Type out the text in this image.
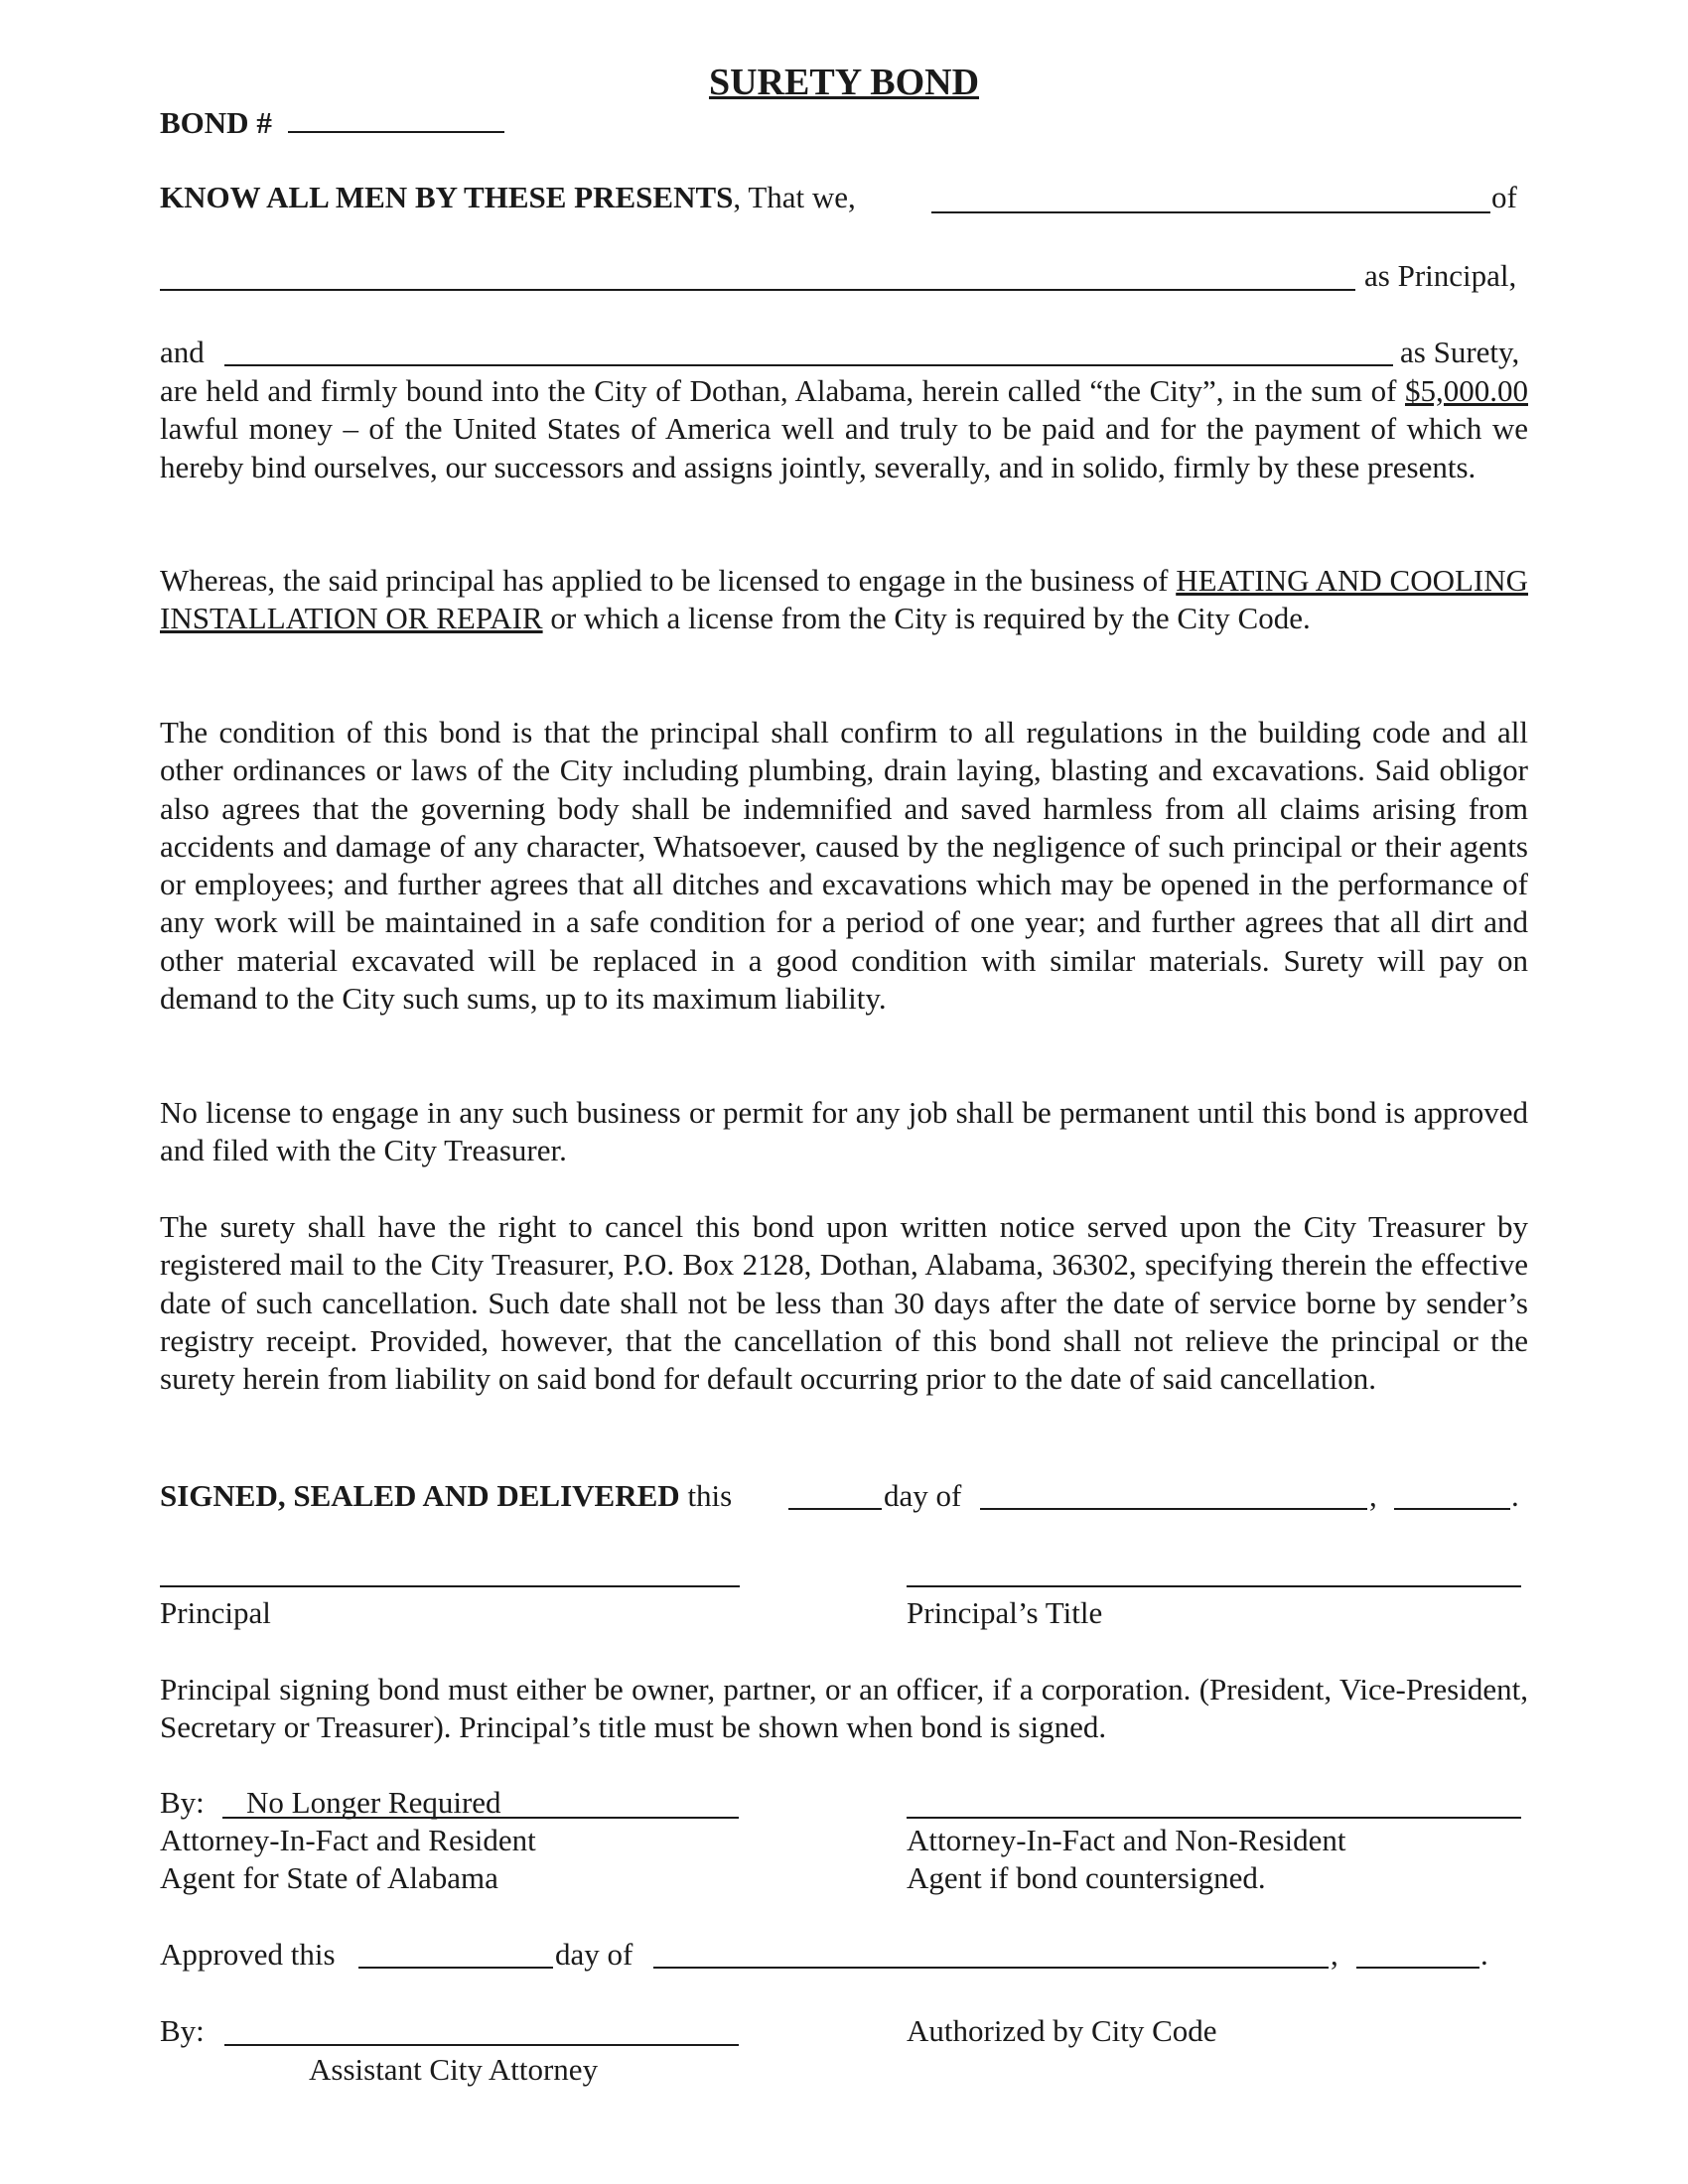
SURETY BOND
BOND #
KNOW ALL MEN BY THESE PRESENTS, That we,	of
as Principal,
and	as Surety,
are held and firmly bound into the City of Dothan, Alabama, herein called “the City”, in the sum of $5,000.00 lawful money – of the United States of America well and truly to be paid and for the payment of which we hereby bind ourselves, our successors and assigns jointly, severally, and in solido, firmly by these presents.
Whereas, the said principal has applied to be licensed to engage in the business of HEATING AND COOLING INSTALLATION OR REPAIR or which a license from the City is required by the City Code.
The condition of this bond is that the principal shall confirm to all regulations in the building code and all other ordinances or laws of the City including plumbing, drain laying, blasting and excavations. Said obligor also agrees that the governing body shall be indemnified and saved harmless from all claims arising from accidents and damage of any character, Whatsoever, caused by the negligence of such principal or their agents or employees; and further agrees that all ditches and excavations which may be opened in the performance of any work will be maintained in a safe condition for a period of one year; and further agrees that all dirt and other material excavated will be replaced in a good condition with similar materials. Surety will pay on demand to the City such sums, up to its maximum liability.
No license to engage in any such business or permit for any job shall be permanent until this bond is approved and filed with the City Treasurer.
The surety shall have the right to cancel this bond upon written notice served upon the City Treasurer by registered mail to the City Treasurer, P.O. Box 2128, Dothan, Alabama, 36302, specifying therein the effective date of such cancellation. Such date shall not be less than 30 days after the date of service borne by sender’s registry receipt. Provided, however, that the cancellation of this bond shall not relieve the principal or the surety herein from liability on said bond for default occurring prior to the date of said cancellation.
SIGNED, SEALED AND DELIVERED this	day of	,	.
Principal	Principal’s Title
Principal signing bond must either be owner, partner, or an officer, if a corporation. (President, Vice-President, Secretary or Treasurer). Principal’s title must be shown when bond is signed.
By: No Longer Required
Attorney-In-Fact and Resident
Agent for State of Alabama
Attorney-In-Fact and Non-Resident
Agent if bond countersigned.
Approved this	day of	,	.
By:	Authorized by City Code
Assistant City Attorney
